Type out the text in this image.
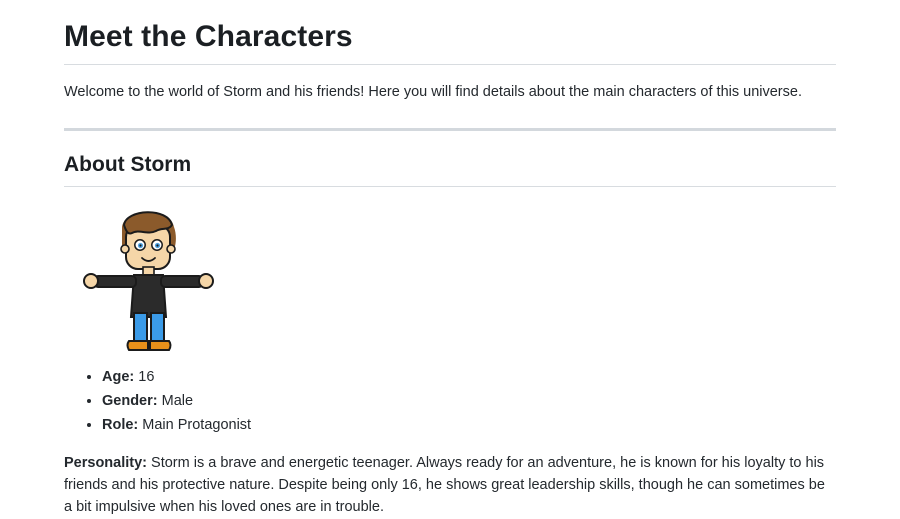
Meet the Characters

Welcome to the world of Storm and his friends! Here you will find details about the main characters of this universe.

About Storm
• Age: 16
• Gender: Male
• Role: Main Protagonist

Personality: Storm is a brave and energetic teenager. Always ready for an adventure, he is known for his loyalty to his friends and his protective nature. Despite being only 16, he shows great leadership skills, though he can sometimes be a bit impulsive when his loved ones are in trouble.
